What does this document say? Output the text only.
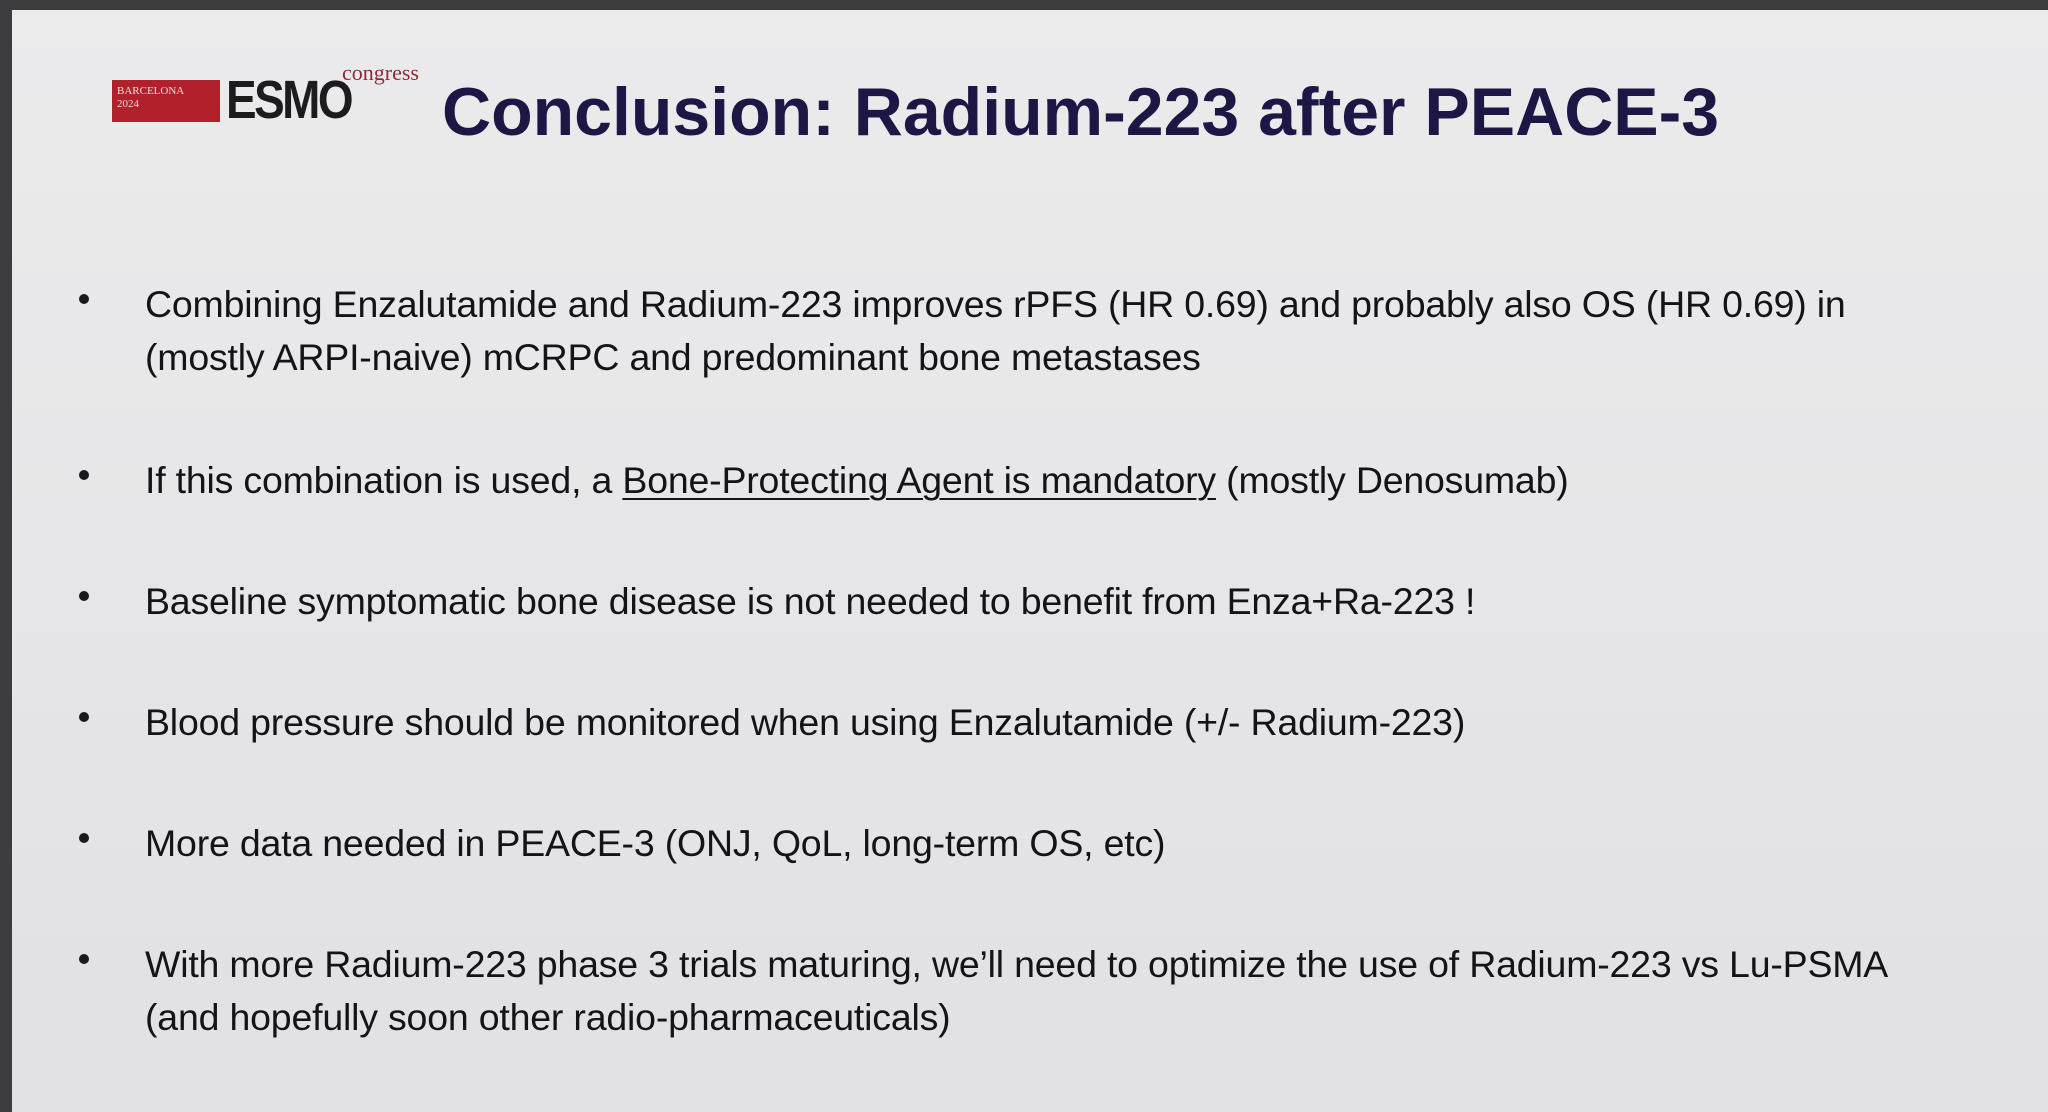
BARCELONA
2024	ESMO
congress
Conclusion: Radium-223 after PEACE-3
Combining Enzalutamide and Radium-223 improves rPFS (HR 0.69) and probably also OS (HR 0.69) in
(mostly ARPI-naive) mCRPC and predominant bone metastases
If this combination is used, a Bone-Protecting Agent is mandatory (mostly Denosumab)
Baseline symptomatic bone disease is not needed to benefit from Enza+Ra-223 !
Blood pressure should be monitored when using Enzalutamide (+/- Radium-223)
More data needed in PEACE-3 (ONJ, QoL, long-term OS, etc)
With more Radium-223 phase 3 trials maturing, we’ll need to optimize the use of Radium-223 vs Lu-PSMA
(and hopefully soon other radio-pharmaceuticals)
